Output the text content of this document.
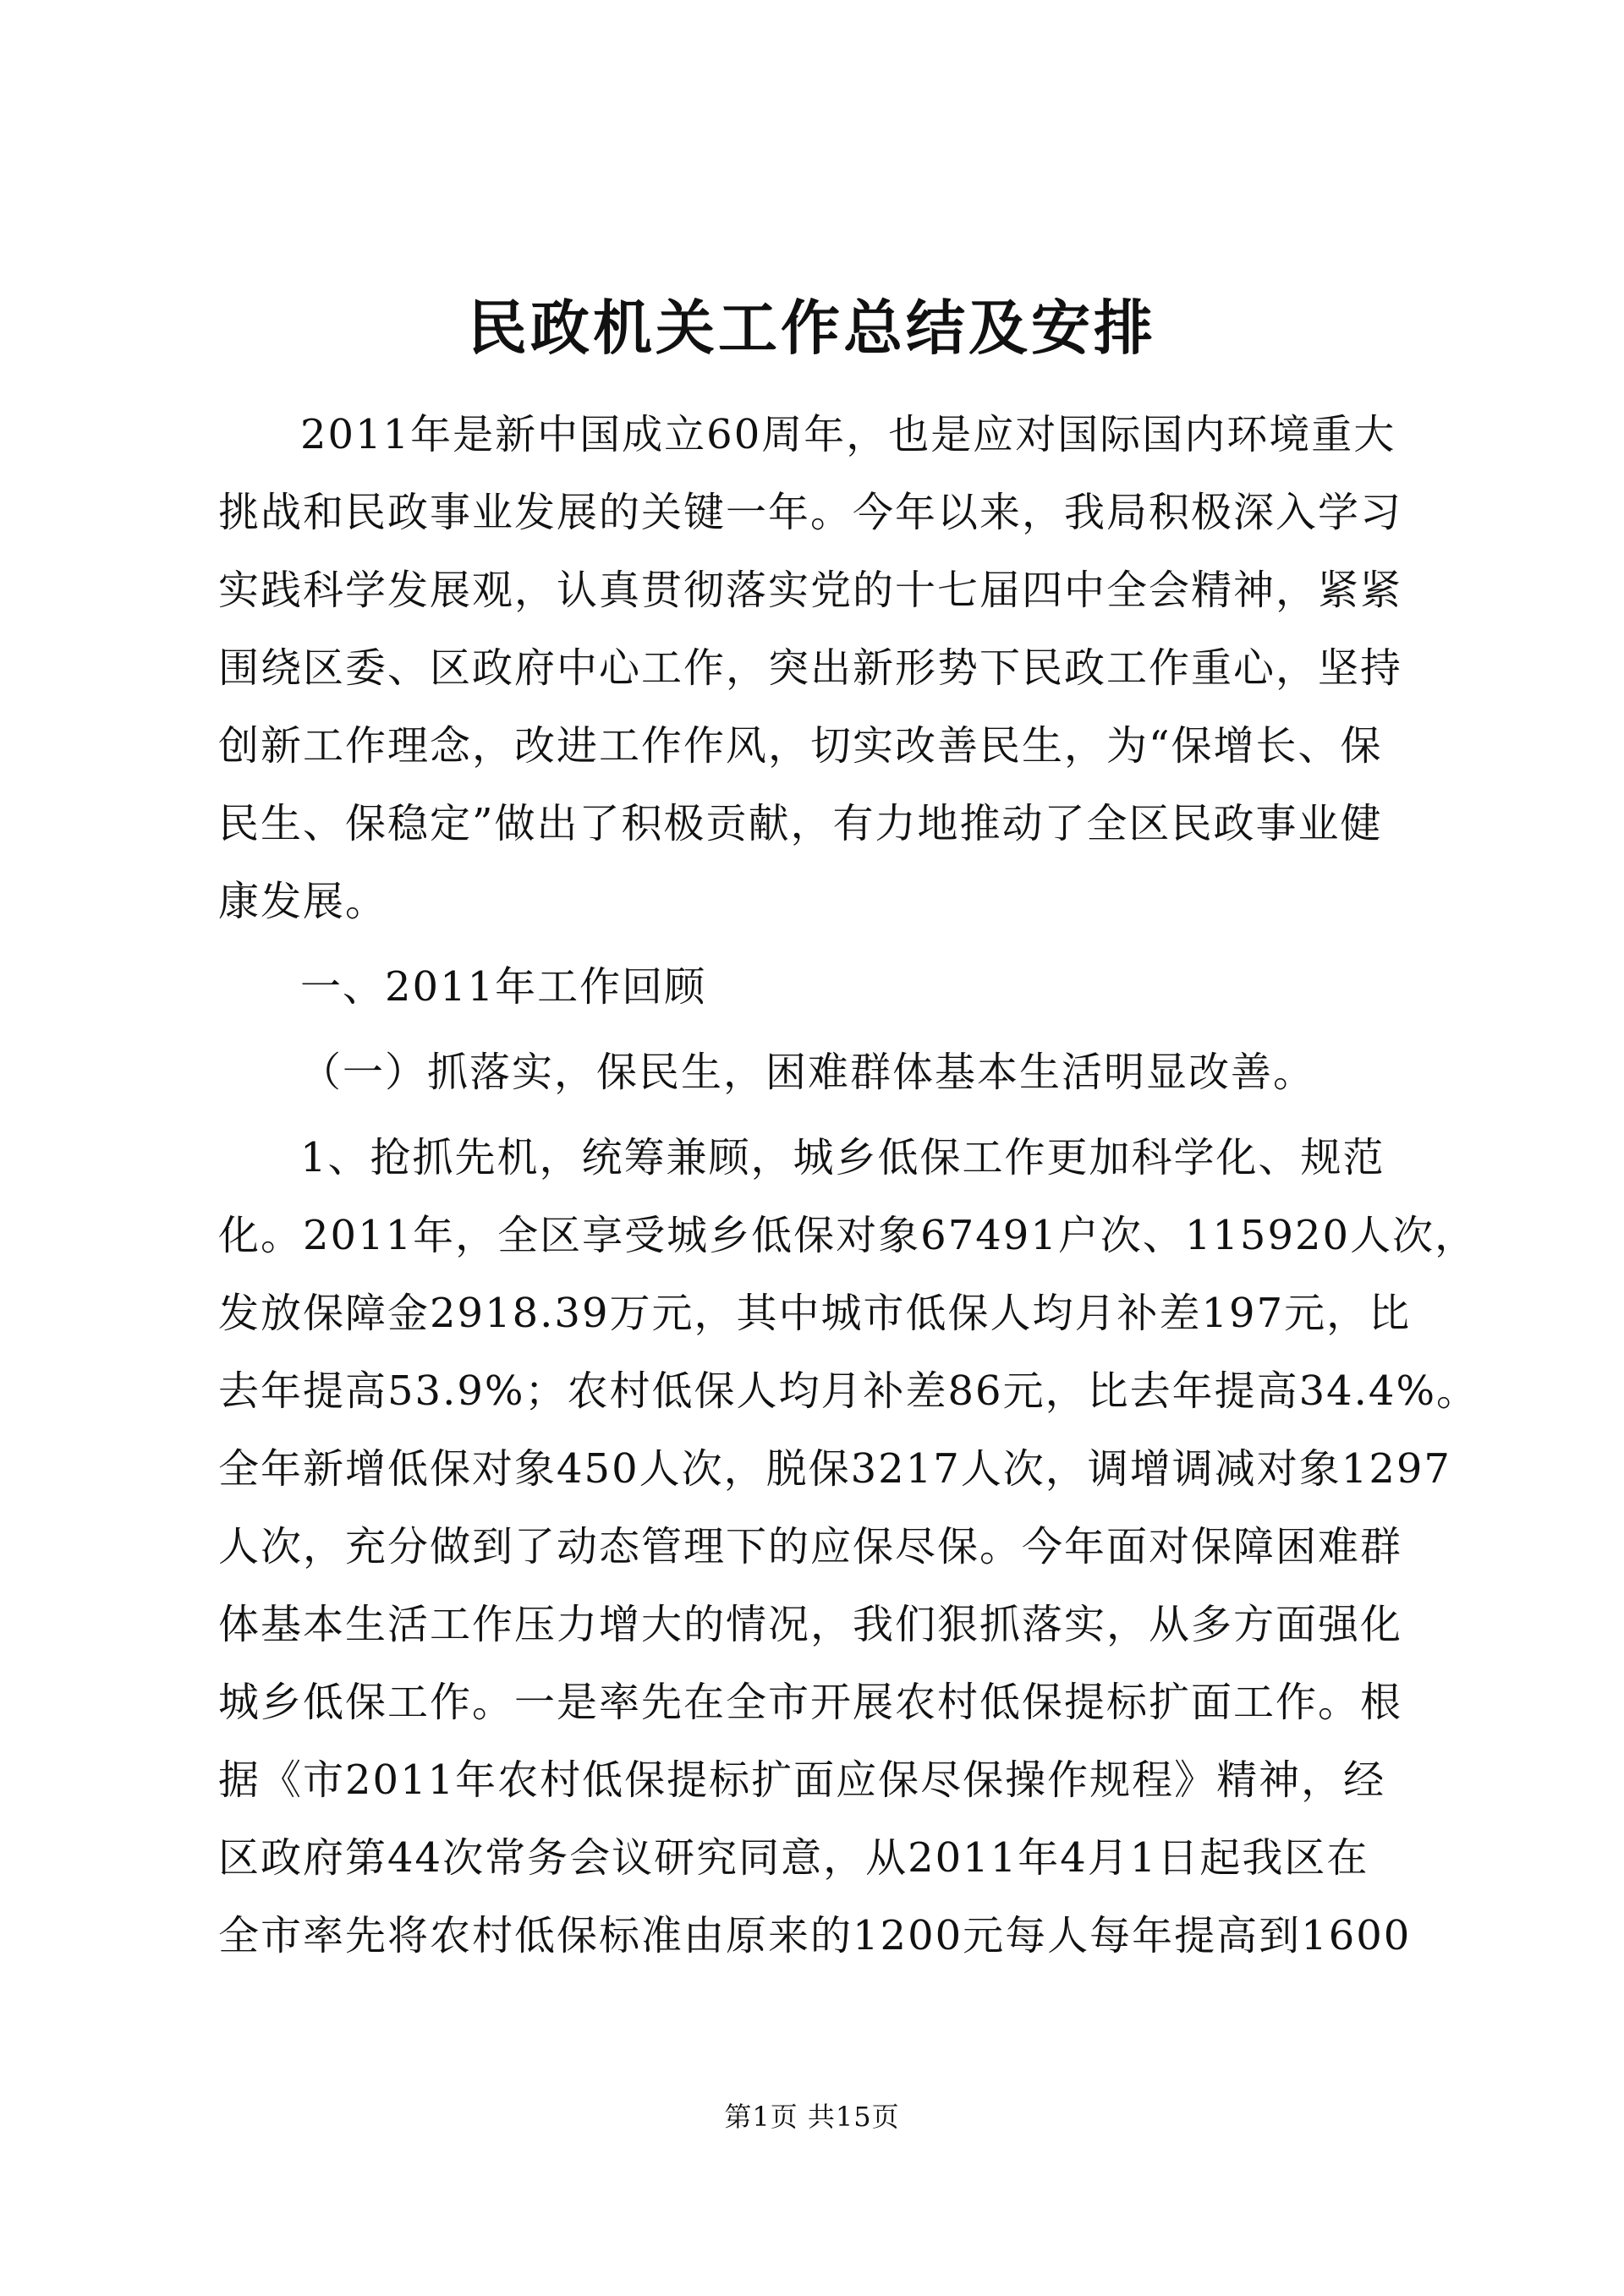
民政机关工作总结及安排

2011年是新中国成立60周年，也是应对国际国内环境重大

挑战和民政事业发展的关键一年。今年以来，我局积极深入学习

实践科学发展观，认真贯彻落实党的十七届四中全会精神，紧紧

围绕区委、区政府中心工作，突出新形势下民政工作重心，坚持

创新工作理念，改进工作作风，切实改善民生，为“保增长、保

民生、保稳定”做出了积极贡献，有力地推动了全区民政事业健

康发展。

一、2011年工作回顾

（一）抓落实，保民生，困难群体基本生活明显改善。

1、抢抓先机，统筹兼顾，城乡低保工作更加科学化、规范

化。2011年，全区享受城乡低保对象67491户次、115920人次，

发放保障金2918.39万元，其中城市低保人均月补差197元，比

去年提高53.9%；农村低保人均月补差86元，比去年提高34.4%。

全年新增低保对象450人次，脱保3217人次，调增调减对象1297

人次，充分做到了动态管理下的应保尽保。今年面对保障困难群

体基本生活工作压力增大的情况，我们狠抓落实，从多方面强化

城乡低保工作。一是率先在全市开展农村低保提标扩面工作。根

据《市2011年农村低保提标扩面应保尽保操作规程》精神，经

区政府第44次常务会议研究同意，从2011年4月1日起我区在

全市率先将农村低保标准由原来的1200元每人每年提高到1600

第1页 共15页
